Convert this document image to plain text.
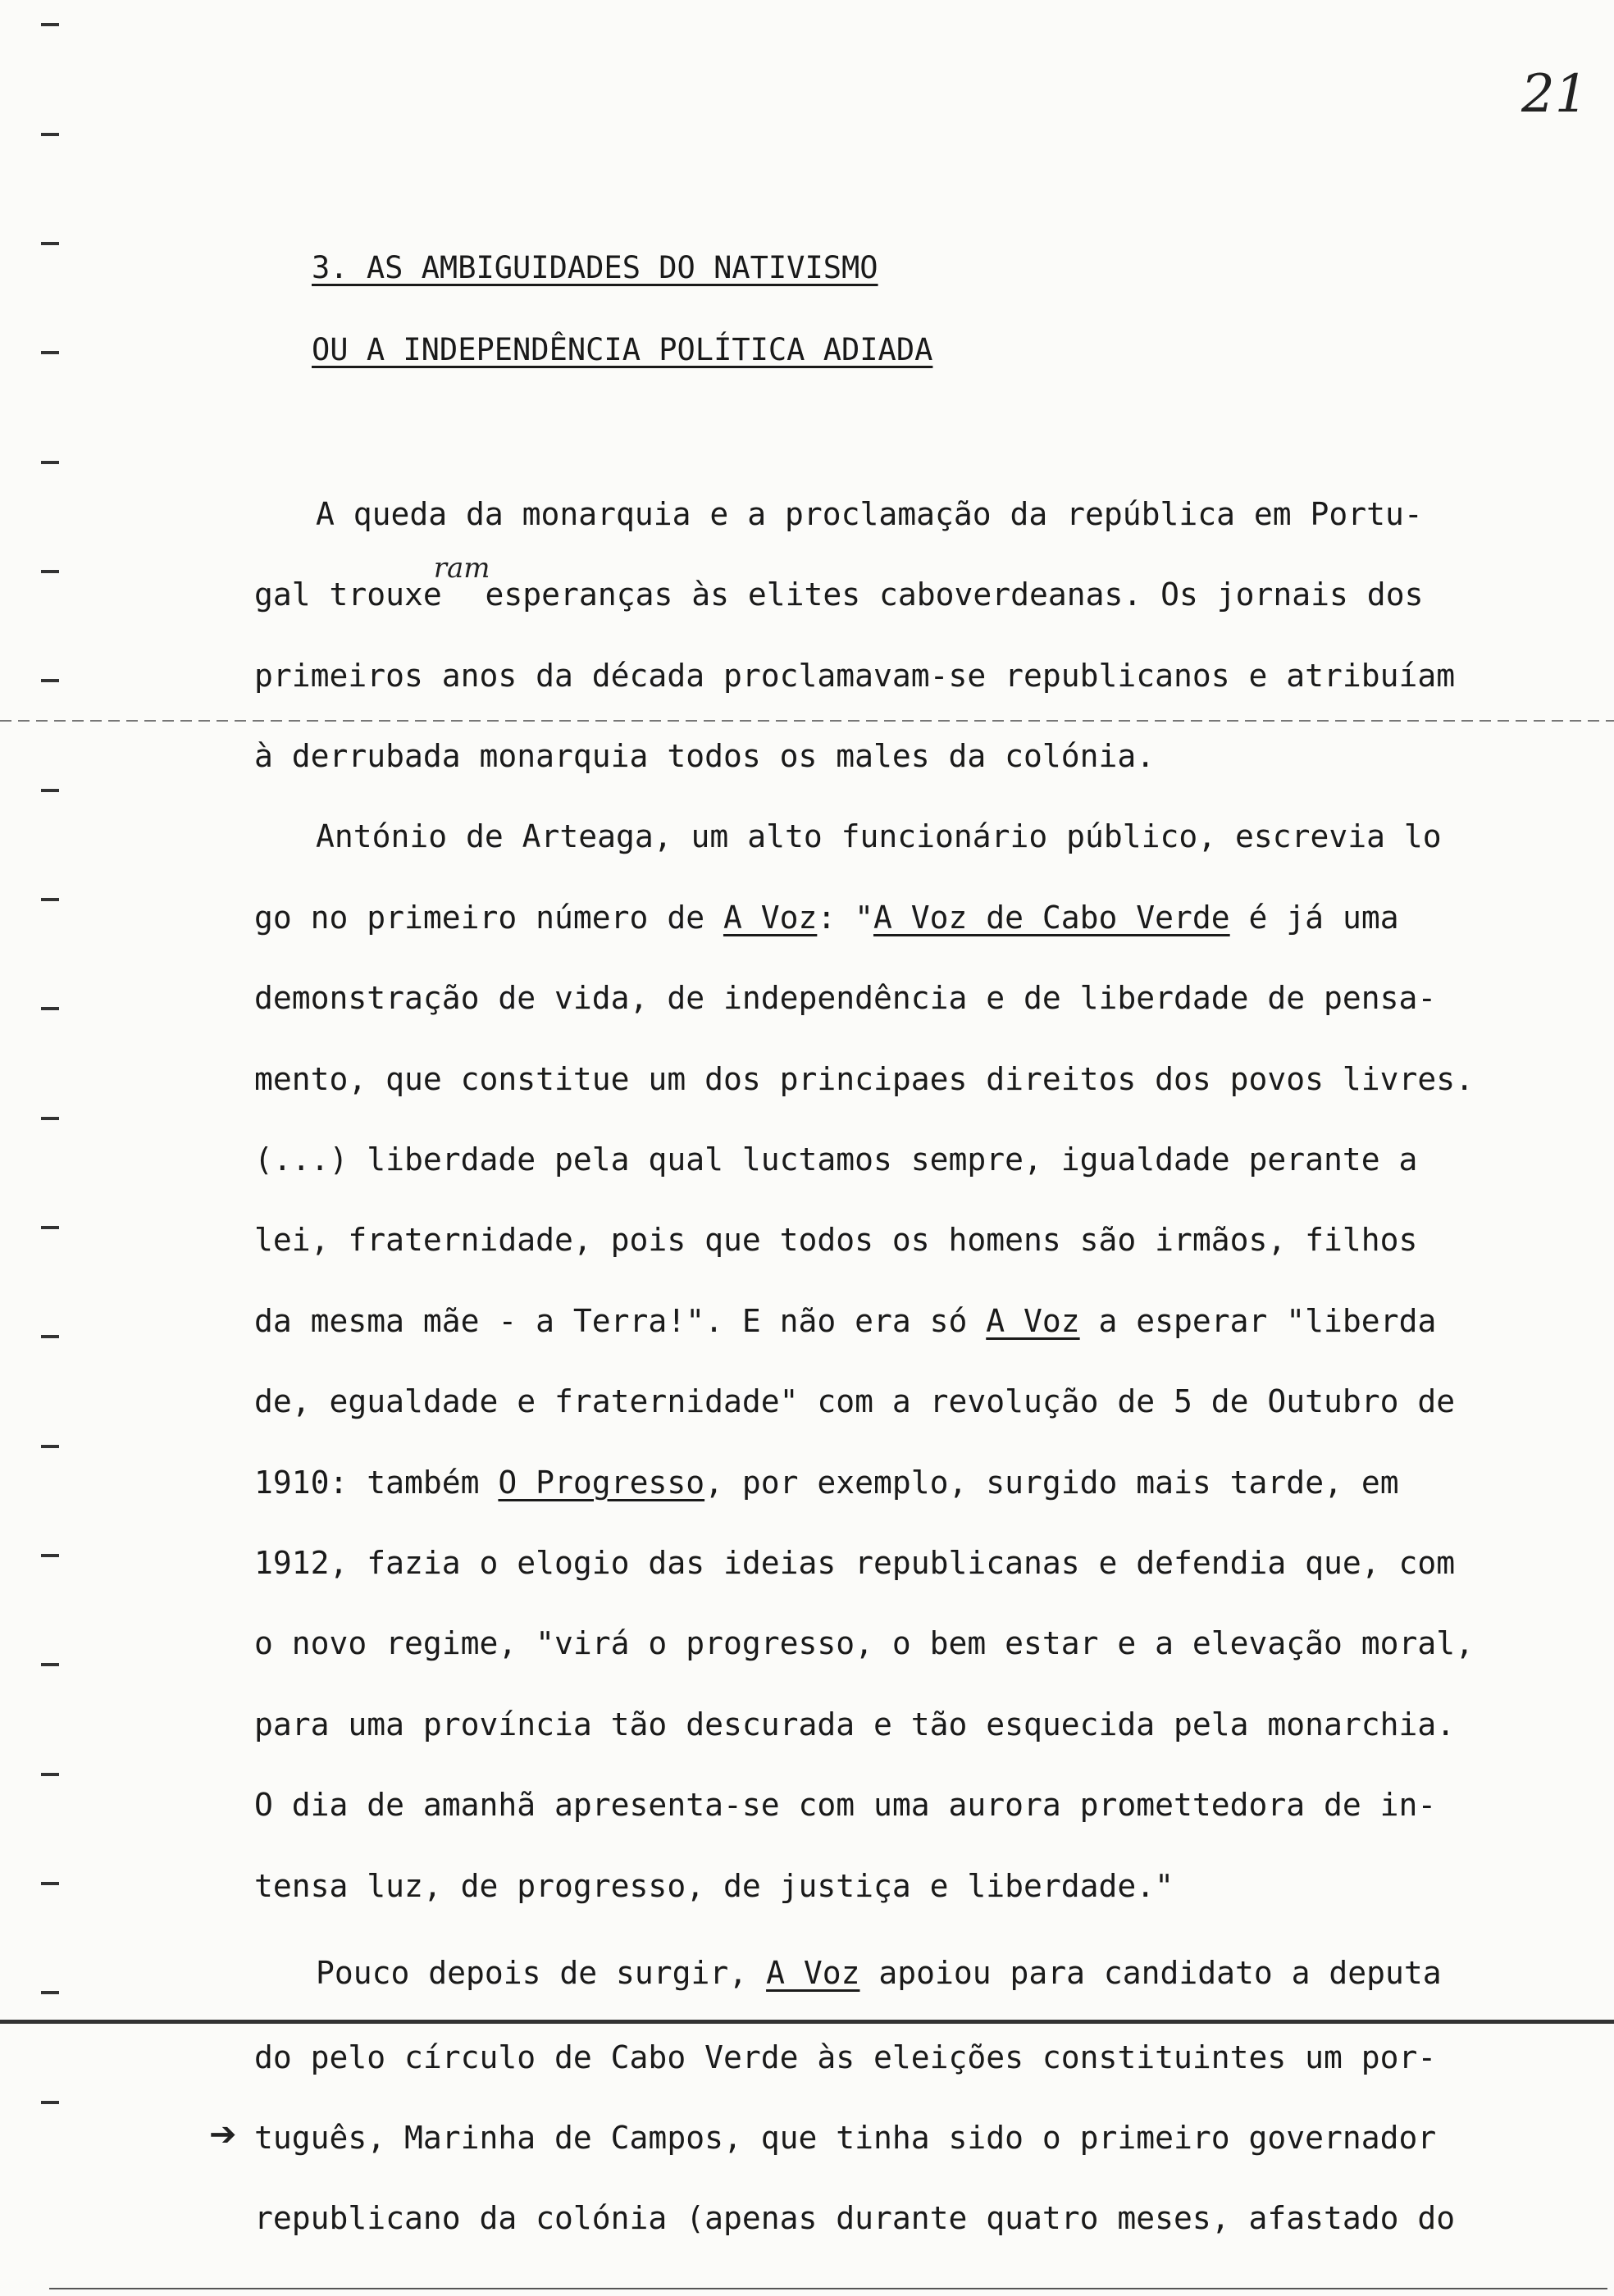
21
3. AS AMBIGUIDADES DO NATIVISMO
OU A INDEPENDÊNCIA POLÍTICA ADIADA
A queda da monarquia e a proclamação da república em Portu-
gal trouxeramesperanças às elites caboverdeanas. Os jornais dos
primeiros anos da década proclamavam-se republicanos e atribuíam
à derrubada monarquia todos os males da colónia.
António de Arteaga, um alto funcionário público, escrevia lo
go no primeiro número de A Voz: "A Voz de Cabo Verde é já uma
demonstração de vida, de independência e de liberdade de pensa-
mento, que constitue um dos principaes direitos dos povos livres.
(...) liberdade pela qual luctamos sempre, igualdade perante a
lei, fraternidade, pois que todos os homens são irmãos, filhos
da mesma mãe - a Terra!". E não era só A Voz a esperar "liberda
de, egualdade e fraternidade" com a revolução de 5 de Outubro de
1910: também O Progresso, por exemplo, surgido mais tarde, em
1912, fazia o elogio das ideias republicanas e defendia que, com
o novo regime, "virá o progresso, o bem estar e a elevação moral,
para uma província tão descurada e tão esquecida pela monarchia.
O dia de amanhã apresenta-se com uma aurora promettedora de in-
tensa luz, de progresso, de justiça e liberdade."
Pouco depois de surgir, A Voz apoiou para candidato a deputa
do pelo círculo de Cabo Verde às eleições constituintes um por-
➔ tuguês, Marinha de Campos, que tinha sido o primeiro governador
republicano da colónia (apenas durante quatro meses, afastado do
